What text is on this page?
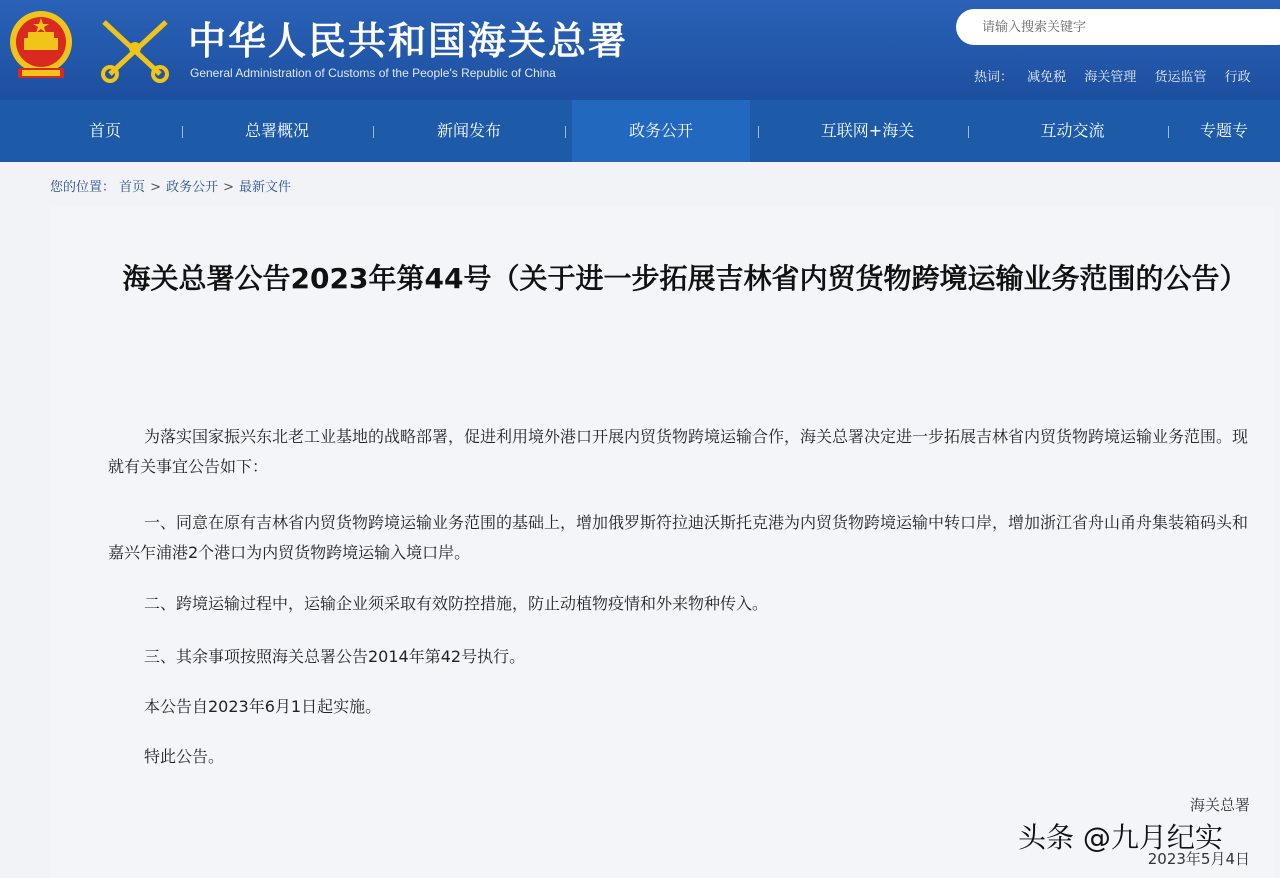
中华人民共和国海关总署
General Administration of Customs of the People's Republic of China
请输入搜索关键字	热词： 减免税 海关管理 货运监管 行政
首页	总署概况	新闻发布	政务公开	互联网+海关	互动交流	专题专
您的位置： 首页 > 政务公开 > 最新文件
海关总署公告2023年第44号（关于进一步拓展吉林省内贸货物跨境运输业务范围的公告）
为落实国家振兴东北老工业基地的战略部署，促进利用境外港口开展内贸货物跨境运输合作，海关总署决定进一步拓展吉林省内贸货物跨境运输业务范围。现就有关事宜公告如下：
一、同意在原有吉林省内贸货物跨境运输业务范围的基础上，增加俄罗斯符拉迪沃斯托克港为内贸货物跨境运输中转口岸，增加浙江省舟山甬舟集装箱码头和嘉兴乍浦港2个港口为内贸货物跨境运输入境口岸。
二、跨境运输过程中，运输企业须采取有效防控措施，防止动植物疫情和外来物种传入。
三、其余事项按照海关总署公告2014年第42号执行。
本公告自2023年6月1日起实施。
特此公告。
海关总署
头条 @九月纪实
2023年5月4日
